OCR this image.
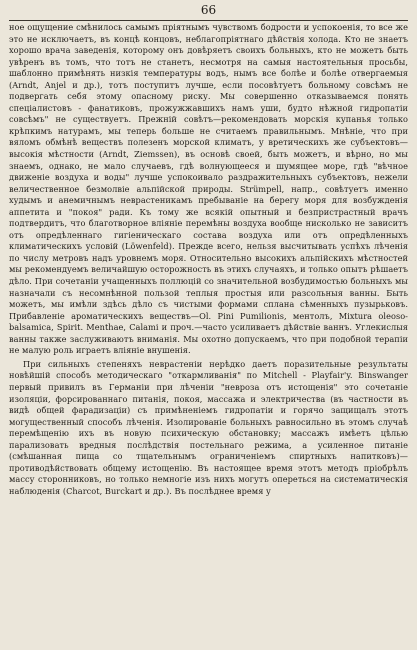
66

ное ощущение смѣнилось самымъ пріятнымъ чувствомъ бодрости и успокоенія, то все же это не исключаетъ, въ концѣ концовъ, неблагопріятнаго дѣйствія холода. Кто не знаетъ хорошо врача заведенія, которому онъ довѣряетъ своихъ больныхъ, кто не можетъ быть увѣренъ въ томъ, что тотъ не станетъ, несмотря на самыя настоятельныя просьбы, шаблонно примѣнять низкія температуры водъ, нымъ все болѣе и болѣе отвергаемыя (Arndt, Anjel и др.), тотъ поступитъ лучше, если посовѣтуетъ больному совсѣмъ не подвергать себя этому опасному риску. Мы совершенно отказываемся понять спеціалистовъ - фанатиковъ, прожужжавшихъ намъ уши, будто нѣжной гидропатіи совсѣмъ" не существуетъ. Прежній совѣтъ—рекомендовать морскія купанья только крѣпкимъ натурамъ, мы теперь больше не считаемъ правильнымъ. Мнѣніе, что при вяломъ обмѣнѣ веществъ полезенъ морской климатъ, у вретическихъ же субъектовъ—высокія мѣстности (Arndt, Ziemssen), въ основѣ своей, быть можетъ, и вѣрно, но мы знаемъ, однако, не мало случаевъ, гдѣ волнующееся и шумящее море, гдѣ "вѣчное движеніе воздуха и воды" лучше успокоивало раздражительныхъ субъектовъ, нежели величественное безмолвіе альпійской природы. Strümpell, напр., совѣтуетъ именно худымъ и анемичнымъ неврастеникамъ пребываніе на берегу моря для возбужденія аппетита и "покоя" ради. Къ тому же всякій опытный и безпристрастный врачъ подтвердитъ, что благотворное вліяніе перемѣны воздуха вообще нисколько не зависитъ отъ опредѣленнаго гигіеническаго состава воздуха или отъ опредѣленныхъ климатическихъ условій (Löwenfeld). Прежде всего, нельзя высчитывать успѣхъ лѣченія по числу метровъ надъ уровнемъ моря. Относительно высокихъ альпійскихъ мѣстностей мы рекомендуемъ величайшую осторожность въ этихъ случаяхъ, и только опытъ рѣшаетъ дѣло. При сочетаніи учащенныхъ поллюцій со значительной возбудимостью больныхъ мы назначали съ несомнѣнной пользой теплыя простыя или разсольныя ванны. Быть можетъ, мы имѣли здѣсь дѣло съ чистыми формами сплана сѣменныхъ пузырьковъ. Прибавленіе ароматическихъ веществъ—Ol. Pini Pumilionis, ментолъ, Mixtura oleoso-balsamica, Spirit. Menthae, Calami и проч.—часто усиливаетъ дѣйствіе ваннъ. Углекислыя ванны также заслуживаютъ вниманія. Мы охотно допускаемъ, что при подобной терапіи не малую роль играетъ вліяніе внушенія.

При сильныхъ степеняхъ неврастеніи нерѣдко даетъ поразительные результаты новѣйшій способъ методическаго "откармливанія" по Mitchell - Playfair'y. Binswanger первый привилъ въ Германіи при лѣченіи "невроза отъ истощенія" это сочетаніе изоляціи, форсированнаго питанія, покоя, массажа и электричества (въ частности въ видѣ общей фарадизаціи) съ примѣненіемъ гидропатіи и горячо защищалъ этотъ могущественный способъ лѣченія. Изолированіе больныхъ равносильно въ этомъ случаѣ перемѣщенію ихъ въ новую психическую обстановку; массажъ имѣетъ цѣлью парализовать вредныя послѣдствія постельнаго режима, а усиленное питаніе (смѣшанная пища со тщательнымъ ограниченіемъ спиртныхъ напитковъ)—противодѣйствовать общему истощенію. Въ настоящее время этотъ методъ пріобрѣлъ массу сторонниковъ, но только немногіе изъ нихъ могутъ опереться на систематическія наблюденія (Charcot, Burckart и др.). Въ послѣднее время у
